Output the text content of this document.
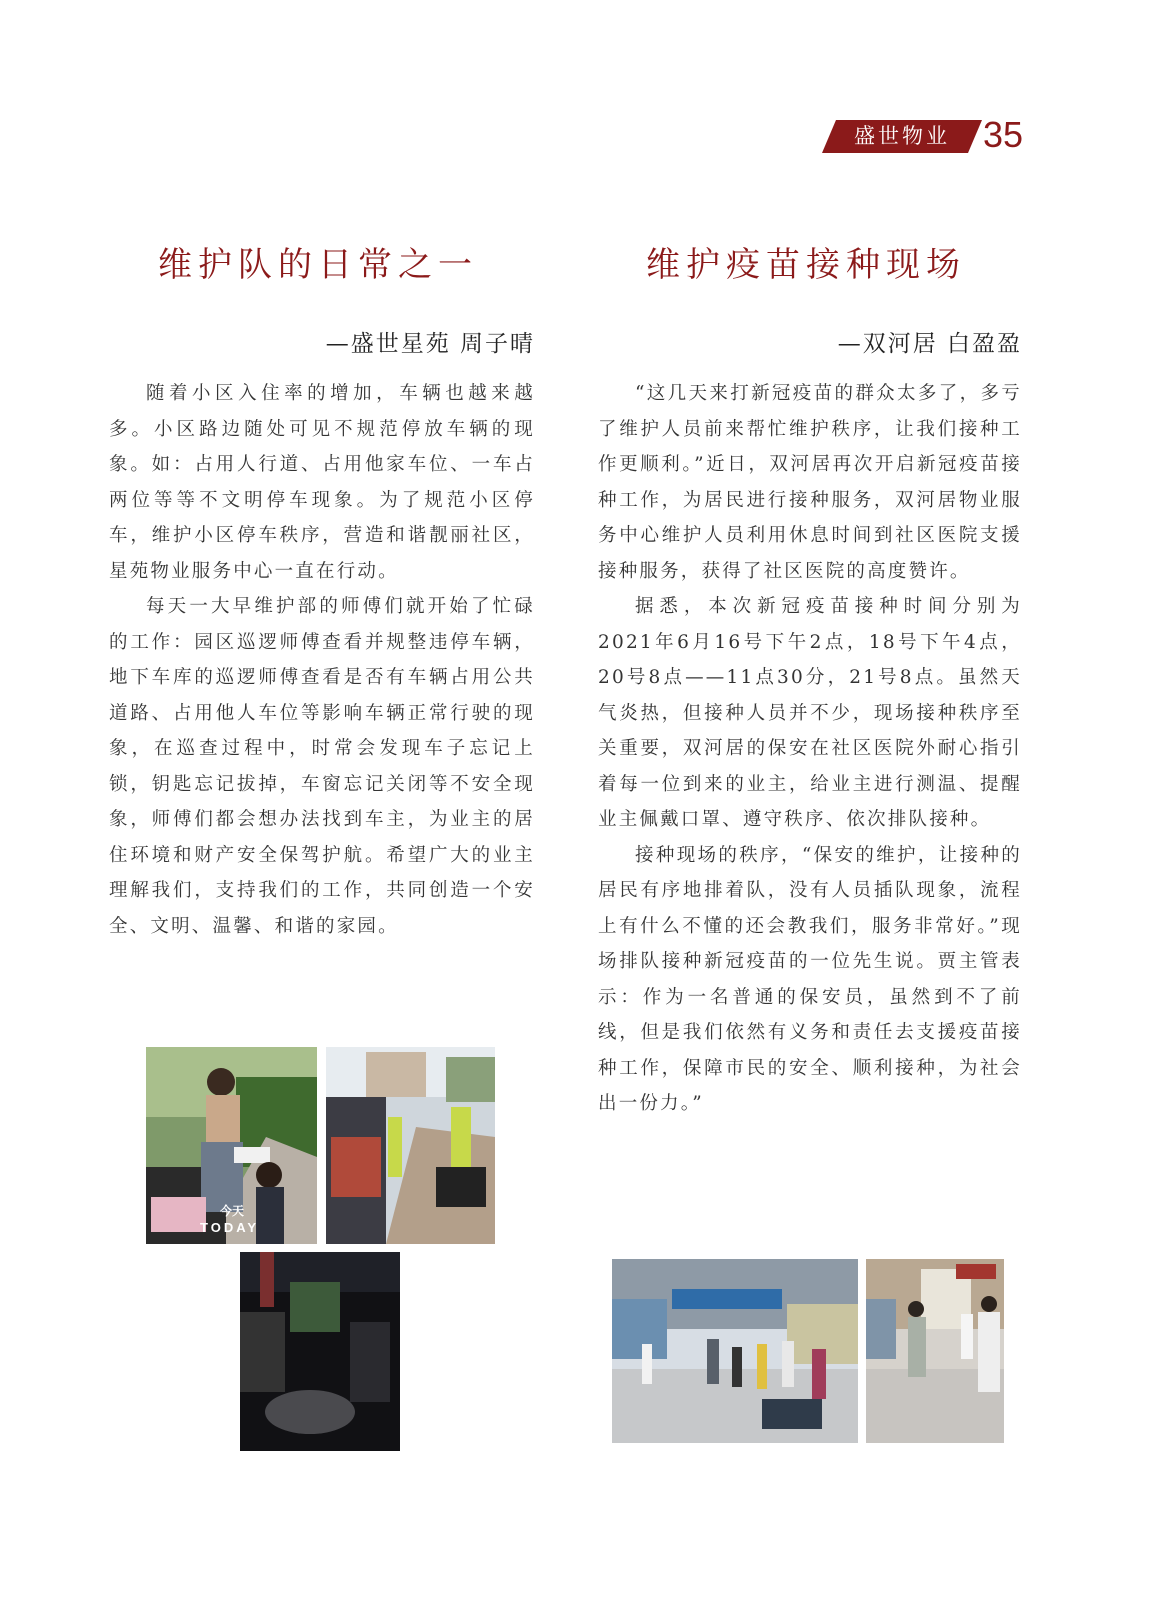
盛世物业 35
维护队的日常之一
—盛世星苑 周子晴

随着小区入住率的增加，车辆也越来越多。小区路边随处可见不规范停放车辆的现象。如：占用人行道、占用他家车位、一车占两位等等不文明停车现象。为了规范小区停车，维护小区停车秩序，营造和谐靓丽社区，星苑物业服务中心一直在行动。

每天一大早维护部的师傅们就开始了忙碌的工作：园区巡逻师傅查看并规整违停车辆，地下车库的巡逻师傅查看是否有车辆占用公共道路、占用他人车位等影响车辆正常行驶的现象，在巡查过程中，时常会发现车子忘记上锁，钥匙忘记拔掉，车窗忘记关闭等不安全现象，师傅们都会想办法找到车主，为业主的居住环境和财产安全保驾护航。希望广大的业主理解我们，支持我们的工作，共同创造一个安全、文明、温馨、和谐的家园。

今天
TODAY
维护疫苗接种现场
—双河居 白盈盈

“这几天来打新冠疫苗的群众太多了，多亏了维护人员前来帮忙维护秩序，让我们接种工作更顺利。”近日，双河居再次开启新冠疫苗接种工作，为居民进行接种服务，双河居物业服务中心维护人员利用休息时间到社区医院支援接种服务，获得了社区医院的高度赞许。

据悉，本次新冠疫苗接种时间分别为2021年6月16号下午2点，18号下午4点，20号8点——11点30分，21号8点。虽然天气炎热，但接种人员并不少，现场接种秩序至关重要，双河居的保安在社区医院外耐心指引着每一位到来的业主，给业主进行测温、提醒业主佩戴口罩、遵守秩序、依次排队接种。

接种现场的秩序，“保安的维护，让接种的居民有序地排着队，没有人员插队现象，流程上有什么不懂的还会教我们，服务非常好。”现场排队接种新冠疫苗的一位先生说。贾主管表示：作为一名普通的保安员，虽然到不了前线，但是我们依然有义务和责任去支援疫苗接种工作，保障市民的安全、顺利接种，为社会出一份力。”
